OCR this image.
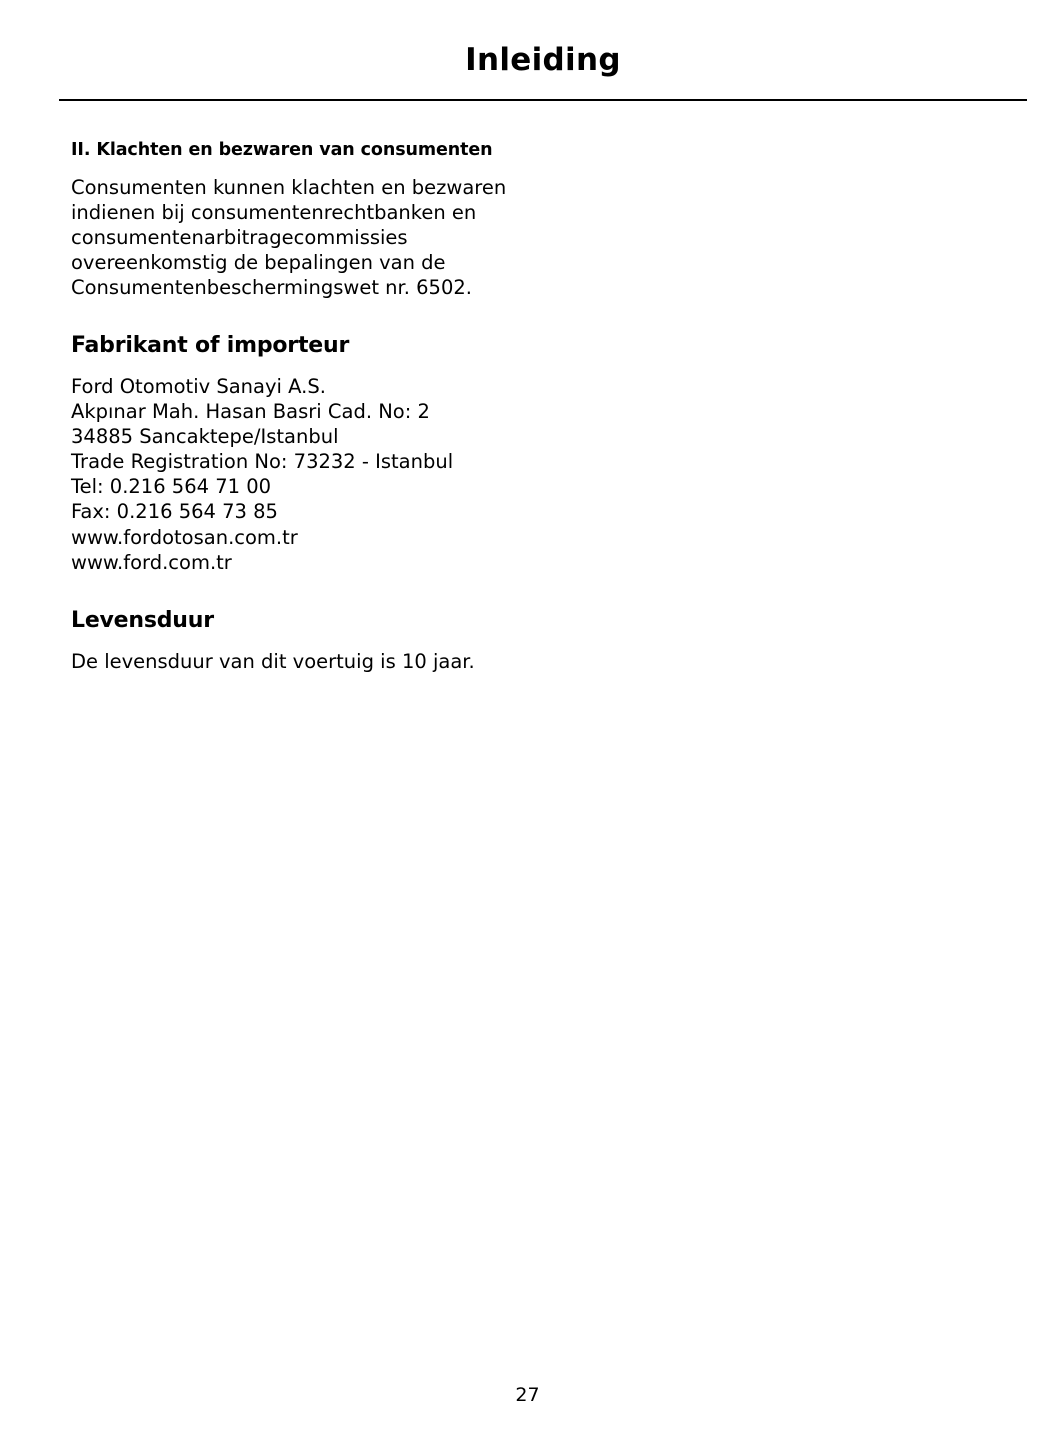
Inleiding
II. Klachten en bezwaren van consumenten

Consumenten kunnen klachten en bezwaren indienen bij consumentenrechtbanken en consumentenarbitragecommissies overeenkomstig de bepalingen van de Consumentenbeschermingswet nr. 6502.

Fabrikant of importeur

Ford Otomotiv Sanayi A.S.
Akpınar Mah. Hasan Basri Cad. No: 2
34885 Sancaktepe/Istanbul
Trade Registration No: 73232 - Istanbul
Tel: 0.216 564 71 00
Fax: 0.216 564 73 85
www.fordotosan.com.tr
www.ford.com.tr

Levensduur

De levensduur van dit voertuig is 10 jaar.

27
